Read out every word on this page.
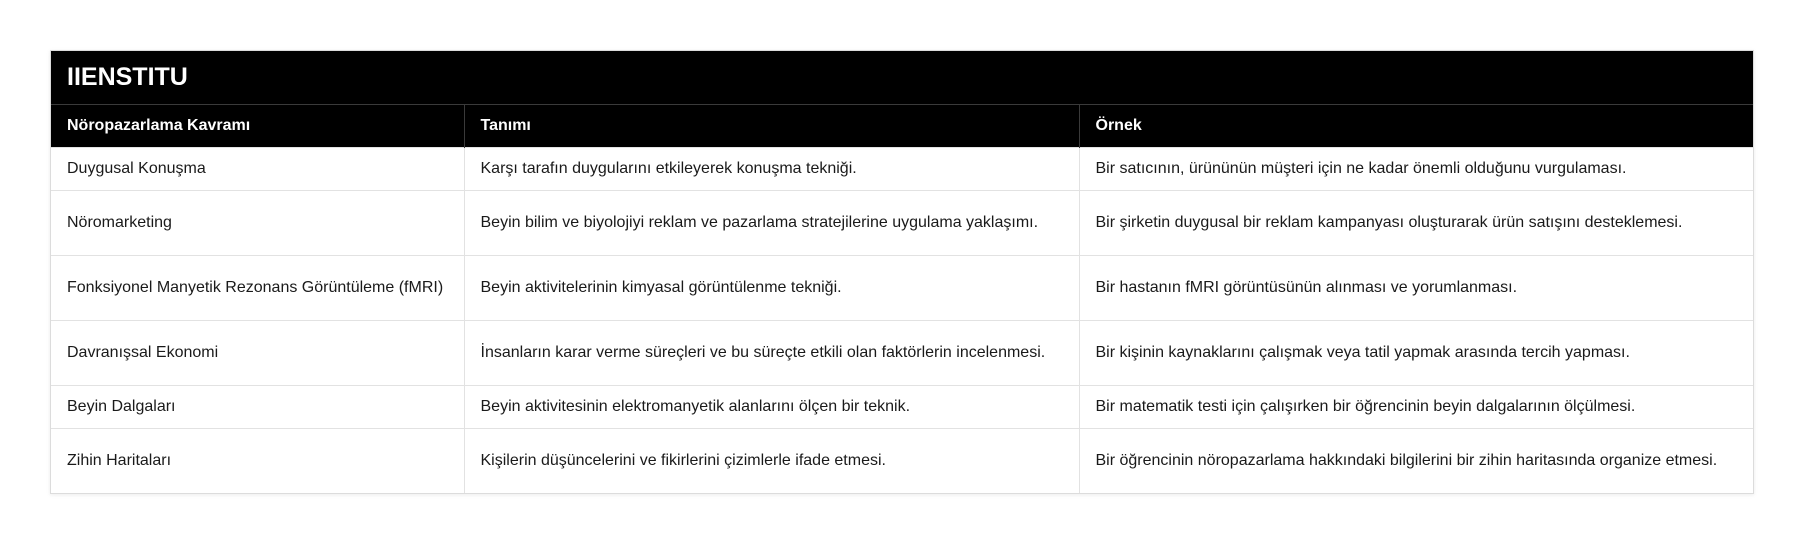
IIENSTITU
Nöropazarlama Kavramı	Tanımı	Örnek
Duygusal Konuşma	Karşı tarafın duygularını etkileyerek konuşma tekniği.	Bir satıcının, ürününün müşteri için ne kadar önemli olduğunu vurgulaması.
Nöromarketing	Beyin bilim ve biyolojiyi reklam ve pazarlama stratejilerine uygulama yaklaşımı.	Bir şirketin duygusal bir reklam kampanyası oluşturarak ürün satışını desteklemesi.
Fonksiyonel Manyetik Rezonans Görüntüleme (fMRI)	Beyin aktivitelerinin kimyasal görüntülenme tekniği.	Bir hastanın fMRI görüntüsünün alınması ve yorumlanması.
Davranışsal Ekonomi	İnsanların karar verme süreçleri ve bu süreçte etkili olan faktörlerin incelenmesi.	Bir kişinin kaynaklarını çalışmak veya tatil yapmak arasında tercih yapması.
Beyin Dalgaları	Beyin aktivitesinin elektromanyetik alanlarını ölçen bir teknik.	Bir matematik testi için çalışırken bir öğrencinin beyin dalgalarının ölçülmesi.
Zihin Haritaları	Kişilerin düşüncelerini ve fikirlerini çizimlerle ifade etmesi.	Bir öğrencinin nöropazarlama hakkındaki bilgilerini bir zihin haritasında organize etmesi.
